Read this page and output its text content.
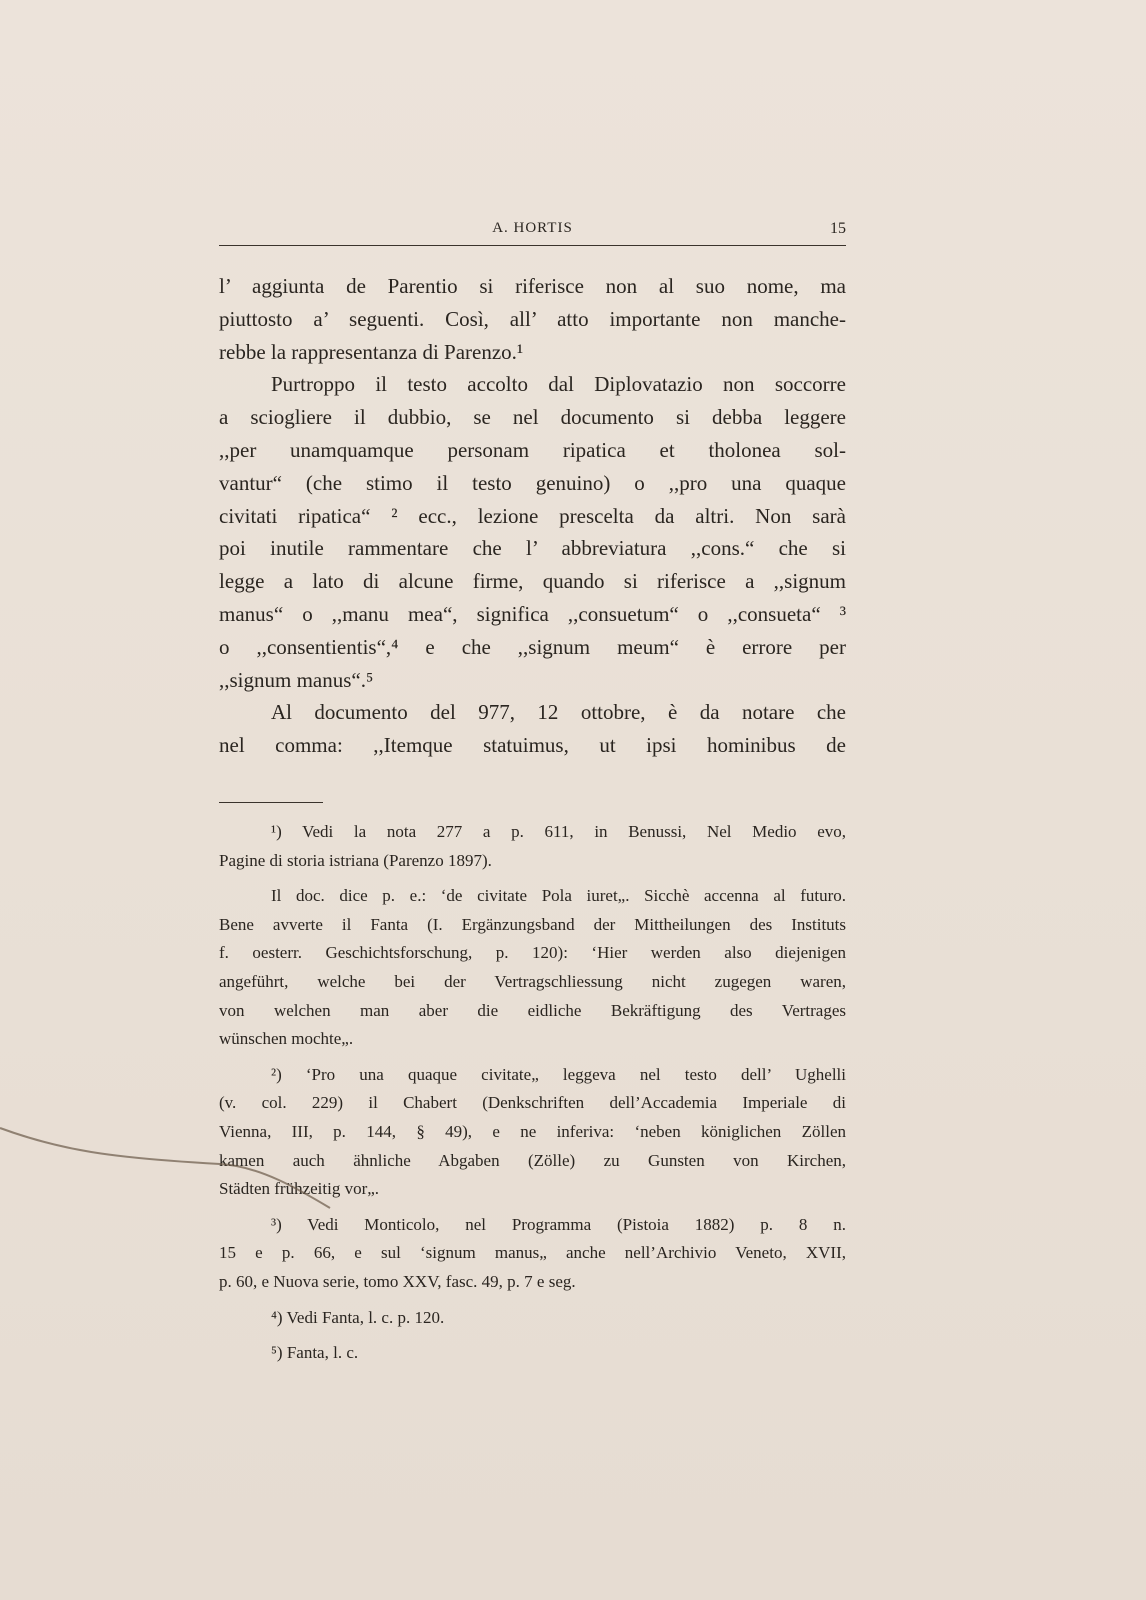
A. HORTIS	15

l’ aggiunta de Parentio si riferisce non al suo nome, ma
piuttosto a’ seguenti. Così, all’ atto importante non manche-
rebbe la rappresentanza di Parenzo.¹

Purtroppo il testo accolto dal Diplovatazio non soccorre
a sciogliere il dubbio, se nel documento si debba leggere
,,per unamquamque personam ripatica et tholonea sol-
vantur“ (che stimo il testo genuino) o ,,pro una quaque
civitati ripatica“ ² ecc., lezione prescelta da altri. Non sarà
poi inutile rammentare che l’ abbreviatura ,,cons.“ che si
legge a lato di alcune firme, quando si riferisce a ,,signum
manus“ o ,,manu mea“, significa ,,consuetum“ o ,,consueta“ ³
o ,,consentientis“,⁴ e che ,,signum meum“ è errore per
,,signum manus“.⁵

Al documento del 977, 12 ottobre, è da notare che
nel comma: ,,Itemque statuimus, ut ipsi hominibus de

¹) Vedi la nota 277 a p. 611, in Benussi, Nel Medio evo,
Pagine di storia istriana (Parenzo 1897).
Il doc. dice p. e.: ‘de civitate Pola iuret„. Sicchè accenna al futuro.
Bene avverte il Fanta (I. Ergänzungsband der Mittheilungen des Instituts
f. oesterr. Geschichtsforschung, p. 120): ‘Hier werden also diejenigen
angeführt, welche bei der Vertragschliessung nicht zugegen waren,
von welchen man aber die eidliche Bekräftigung des Vertrages
wünschen mochte„.
²) ‘Pro una quaque civitate„ leggeva nel testo dell’ Ughelli
(v. col. 229) il Chabert (Denkschriften dell’Accademia Imperiale di
Vienna, III, p. 144, § 49), e ne inferiva: ‘neben königlichen Zöllen
kamen auch ähnliche Abgaben (Zölle) zu Gunsten von Kirchen,
Städten frühzeitig vor„.
³) Vedi Monticolo, nel Programma (Pistoia 1882) p. 8 n.
15 e p. 66, e sul ‘signum manus„ anche nell’Archivio Veneto, XVII,
p. 60, e Nuova serie, tomo XXV, fasc. 49, p. 7 e seg.
⁴) Vedi Fanta, l. c. p. 120.
⁵) Fanta, l. c.
